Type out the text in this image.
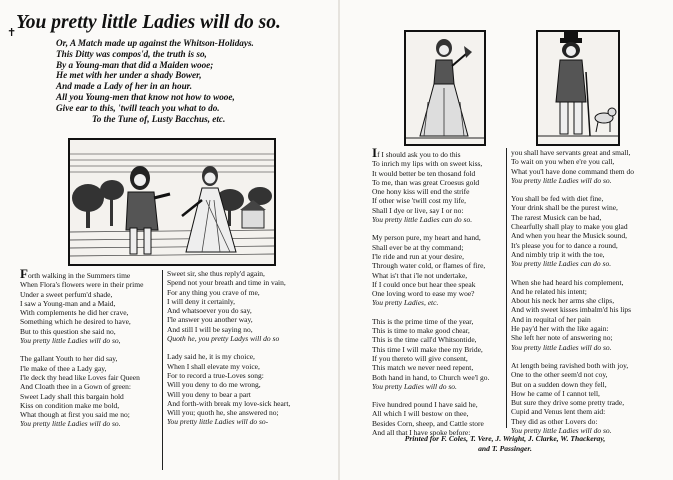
✝ You pretty little Ladies will do so.
Or, A Match made up against the Whitson-Holidays.
This Ditty was compos'd, the truth is so,
By a Young-man that did a Maiden wooe;
He met with her under a shady Bower,
And made a Lady of her in an hour.
All you Young-men that know not how to wooe,
Give ear to this, 'twill teach you what to do.
To the Tune of, Lusty Bacchus, etc.
Forth walking in the Summers time
When Flora's flowers were in their prime
Under a sweet perfum'd shade,
I saw a Young-man and a Maid,
With complements he did her crave,
Something which he desired to have,
But to this question she said no,
You pretty little Ladies will do so,
The gallant Youth to her did say,
I'le make of thee a Lady gay,
I'le deck thy head like Loves fair Queen
And Cloath thee in a Gown of green:
Sweet Lady shall this bargain hold
Kiss on condition make me bold,
What though at first you said me no;
You pretty little Ladies will do so.
Sweet sir, she thus reply'd again,
Spend not your breath and time in vain,
For any thing you crave of me,
I will deny it certainly,
And whatsoever you do say,
I'le answer you another way,
And still I will be saying no,
Quoth he, you pretty Ladys will do so
Lady said he, it is my choice,
When I shall elevate my voice,
For to record a true-Loves song:
Will you deny to do me wrong,
Will you deny to bear a part
And forth-with break my love-sick heart,
Will you; quoth he, she answered no;
You pretty little Ladies will do so-
If I should ask you to do this
To inrich my lips with on sweet kiss,
It would better be ten thosand fold
To me, than was great Croesus gold
One hony kiss will end the strife
If other wise 'twill cost my life,
Shall I dye or live, say I or no:
You pretty little Ladies can do so.
My person pure, my heart and hand,
Shall ever be at thy command;
I'le ride and run at your desire,
Through water cold, or flames of fire,
What is't that i'le not undertake,
If I could once but hear thee speak
One loving word to ease my woe?
You pretty Ladies, etc.
This is the prime time of the year,
This is time to make good chear,
This is the time call'd Whitsontide,
This time I will make thee my Bride,
If you thereto will give consent,
This match we never need repent,
Both hand in hand, to Church wee'l go.
You pretty Ladies will do so.
Five hundred pound I have said he,
All which I will bestow on thee,
Besides Corn, sheep, and Cattle store
And all that I have spoke before:
you shall have servants great and small,
To wait on you when e're you call,
What you'l have done command them do
You pretty little Ladies will do so.
You shall be fed with diet fine,
Your drink shall be the purest wine,
The rarest Musick can be had,
Chearfully shall play to make you glad
And when you hear the Musick sound,
It's please you for to dance a round,
And nimbly trip it with the toe,
You pretty little Ladies can do so.
When she had heard his complement,
And he related his intent;
About his neck her arms she clips,
And with sweet kisses imbalm'd his lips
And in requital of her pain
He pay'd her with the like again:
She left her note of answering no;
You pretty little Ladies will do so.
At length being ravished both with joy,
One to the other seem'd not coy,
But on a sudden down they fell,
How he came of I cannot tell,
But sure they drive some pretty trade,
Cupid and Venus lent them aid:
They did as other Lovers do:
You pretty little Ladies will do so.
Printed for F. Coles, T. Vere, J. Wright, J. Clarke, W. Thackeray,
and T. Passinger.
